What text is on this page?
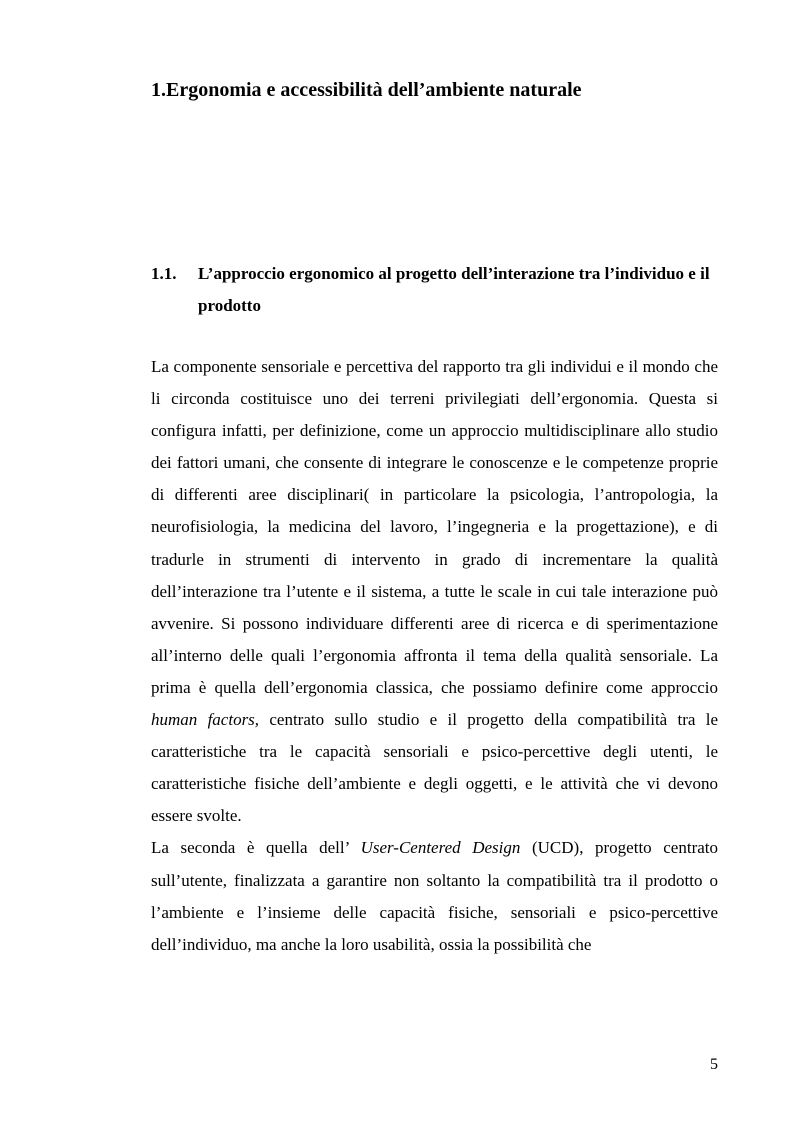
1.Ergonomia e accessibilità dell’ambiente naturale
1.1. L’approccio ergonomico al progetto dell’interazione tra l’individuo e il prodotto

La componente sensoriale e percettiva del rapporto tra gli individui e il mondo che li circonda costituisce uno dei terreni privilegiati dell’ergonomia. Questa si configura infatti, per definizione, come un approccio multidisciplinare allo studio dei fattori umani, che consente di integrare le conoscenze e le competenze proprie di differenti aree disciplinari( in particolare la psicologia, l’antropologia, la neurofisiologia, la medicina del lavoro, l’ingegneria e la progettazione), e di tradurle in strumenti di intervento in grado di incrementare la qualità dell’interazione tra l’utente e il sistema, a tutte le scale in cui tale interazione può avvenire. Si possono individuare differenti aree di ricerca e di sperimentazione all’interno delle quali l’ergonomia affronta il tema della qualità sensoriale. La prima è quella dell’ergonomia classica, che possiamo definire come approccio human factors, centrato sullo studio e il progetto della compatibilità tra le caratteristiche tra le capacità sensoriali e psico-percettive degli utenti, le caratteristiche fisiche dell’ambiente e degli oggetti, e le attività che vi devono essere svolte.

La seconda è quella dell’ User-Centered Design (UCD), progetto centrato sull’utente, finalizzata a garantire non soltanto la compatibilità tra il prodotto o l’ambiente e l’insieme delle capacità fisiche, sensoriali e psico-percettive dell’individuo, ma anche la loro usabilità, ossia la possibilità che

5
